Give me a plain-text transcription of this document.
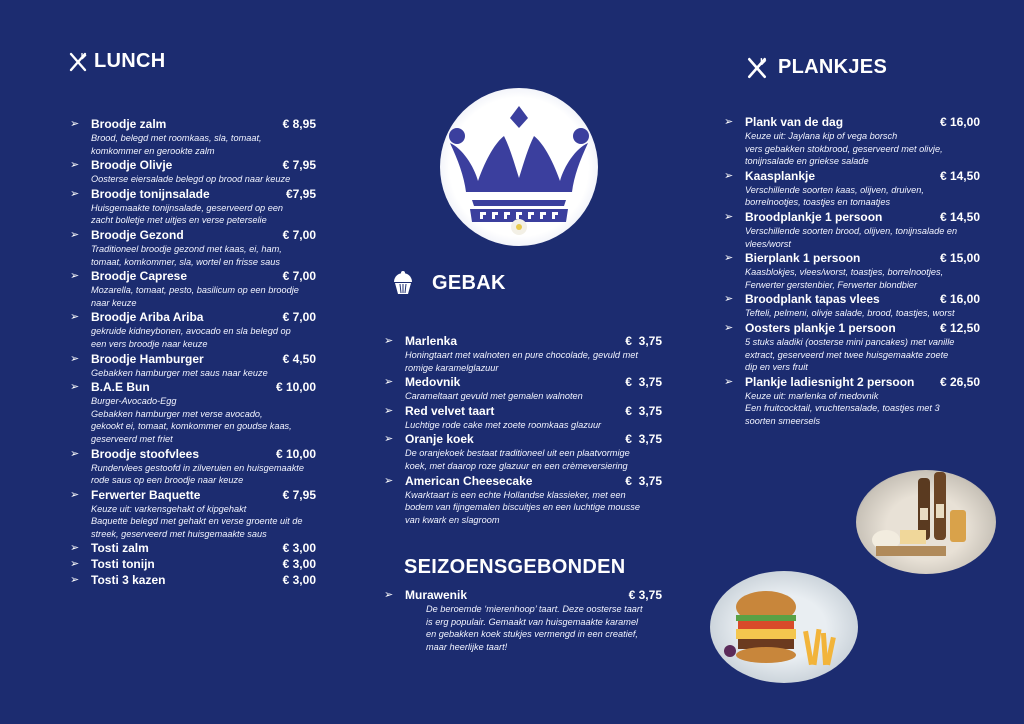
LUNCH
➢ Broodje zalm	€ 8,95
Brood, belegd met roomkaas, sla, tomaat,
komkommer en gerookte zalm
➢ Broodje Olivje	€ 7,95
Oosterse eiersalade belegd op brood naar keuze
➢ Broodje tonijnsalade	€7,95
Huisgemaakte tonijnsalade, geserveerd op een
zacht bolletje met uitjes en verse peterselie
➢ Broodje Gezond	€ 7,00
Traditioneel broodje gezond met kaas, ei, ham,
tomaat, komkommer, sla, wortel en frisse saus
➢ Broodje Caprese	€ 7,00
Mozarella, tomaat, pesto, basilicum op een broodje
naar keuze
➢ Broodje Ariba Ariba	€ 7,00
gekruide kidneybonen, avocado en sla belegd op
een vers broodje naar keuze
➢ Broodje Hamburger	€ 4,50
Gebakken hamburger met saus naar keuze
➢ B.A.E Bun	€ 10,00
Burger-Avocado-Egg
Gebakken hamburger met verse avocado,
gekookt ei, tomaat, komkommer en goudse kaas,
geserveerd met friet
➢ Broodje stoofvlees	€ 10,00
Rundervlees gestoofd in zilveruien en huisgemaakte
rode saus op een broodje naar keuze
➢ Ferwerter Baquette	€ 7,95
Keuze uit: varkensgehakt of kipgehakt
Baquette belegd met gehakt en verse groente uit de
streek, geserveerd met huisgemaakte saus
➢ Tosti zalm	€ 3,00
➢ Tosti tonijn	€ 3,00
➢ Tosti 3 kazen	€ 3,00
GEBAK
➢ Marlenka	€  3,75
Honingtaart met walnoten en pure chocolade, gevuld met
romige karamelglazuur
➢ Medovnik	€  3,75
Carameltaart gevuld met gemalen walnoten
➢ Red velvet taart	€  3,75
Luchtige rode cake met zoete roomkaas glazuur
➢ Oranje koek	€  3,75
De oranjekoek bestaat traditioneel uit een plaatvormige
koek, met daarop roze glazuur en een crèmeversiering
➢ American Cheesecake	€  3,75
Kwarktaart is een echte Hollandse klassieker, met een
bodem van fijngemalen biscuitjes en een luchtige mousse
van kwark en slagroom
SEIZOENSGEBONDEN
➢ Murawenik	€ 3,75
De beroemde ‘mierenhoop’ taart. Deze oosterse taart
is erg populair. Gemaakt van huisgemaakte karamel
en gebakken koek stukjes vermengd in een creatief,
maar heerlijke taart!
PLANKJES
➢ Plank van de dag	€ 16,00
Keuze uit: Jaylana kip of vega borsch
vers gebakken stokbrood, geserveerd met olivje,
tonijnsalade en griekse salade
➢ Kaasplankje	€ 14,50
Verschillende soorten kaas, olijven, druiven,
borrelnootjes, toastjes en tomaatjes
➢ Broodplankje 1 persoon	€ 14,50
Verschillende soorten brood, olijven, tonijnsalade en
vlees/worst
➢ Bierplank 1 persoon	€ 15,00
Kaasblokjes, vlees/worst, toastjes, borrelnootjes,
Ferwerter gerstenbier, Ferwerter blondbier
➢ Broodplank tapas vlees	€ 16,00
Tefteli, pelmeni, olivje salade, brood, toastjes, worst
➢ Oosters plankje 1 persoon	€ 12,50
5 stuks aladiki (oosterse mini pancakes) met vanille
extract, geserveerd met twee huisgemaakte zoete
dip en vers fruit
➢ Plankje ladiesnight 2 persoon € 26,50
Keuze uit: marlenka of medovnik
Een fruitcocktail, vruchtensalade, toastjes met 3
soorten smeersels
